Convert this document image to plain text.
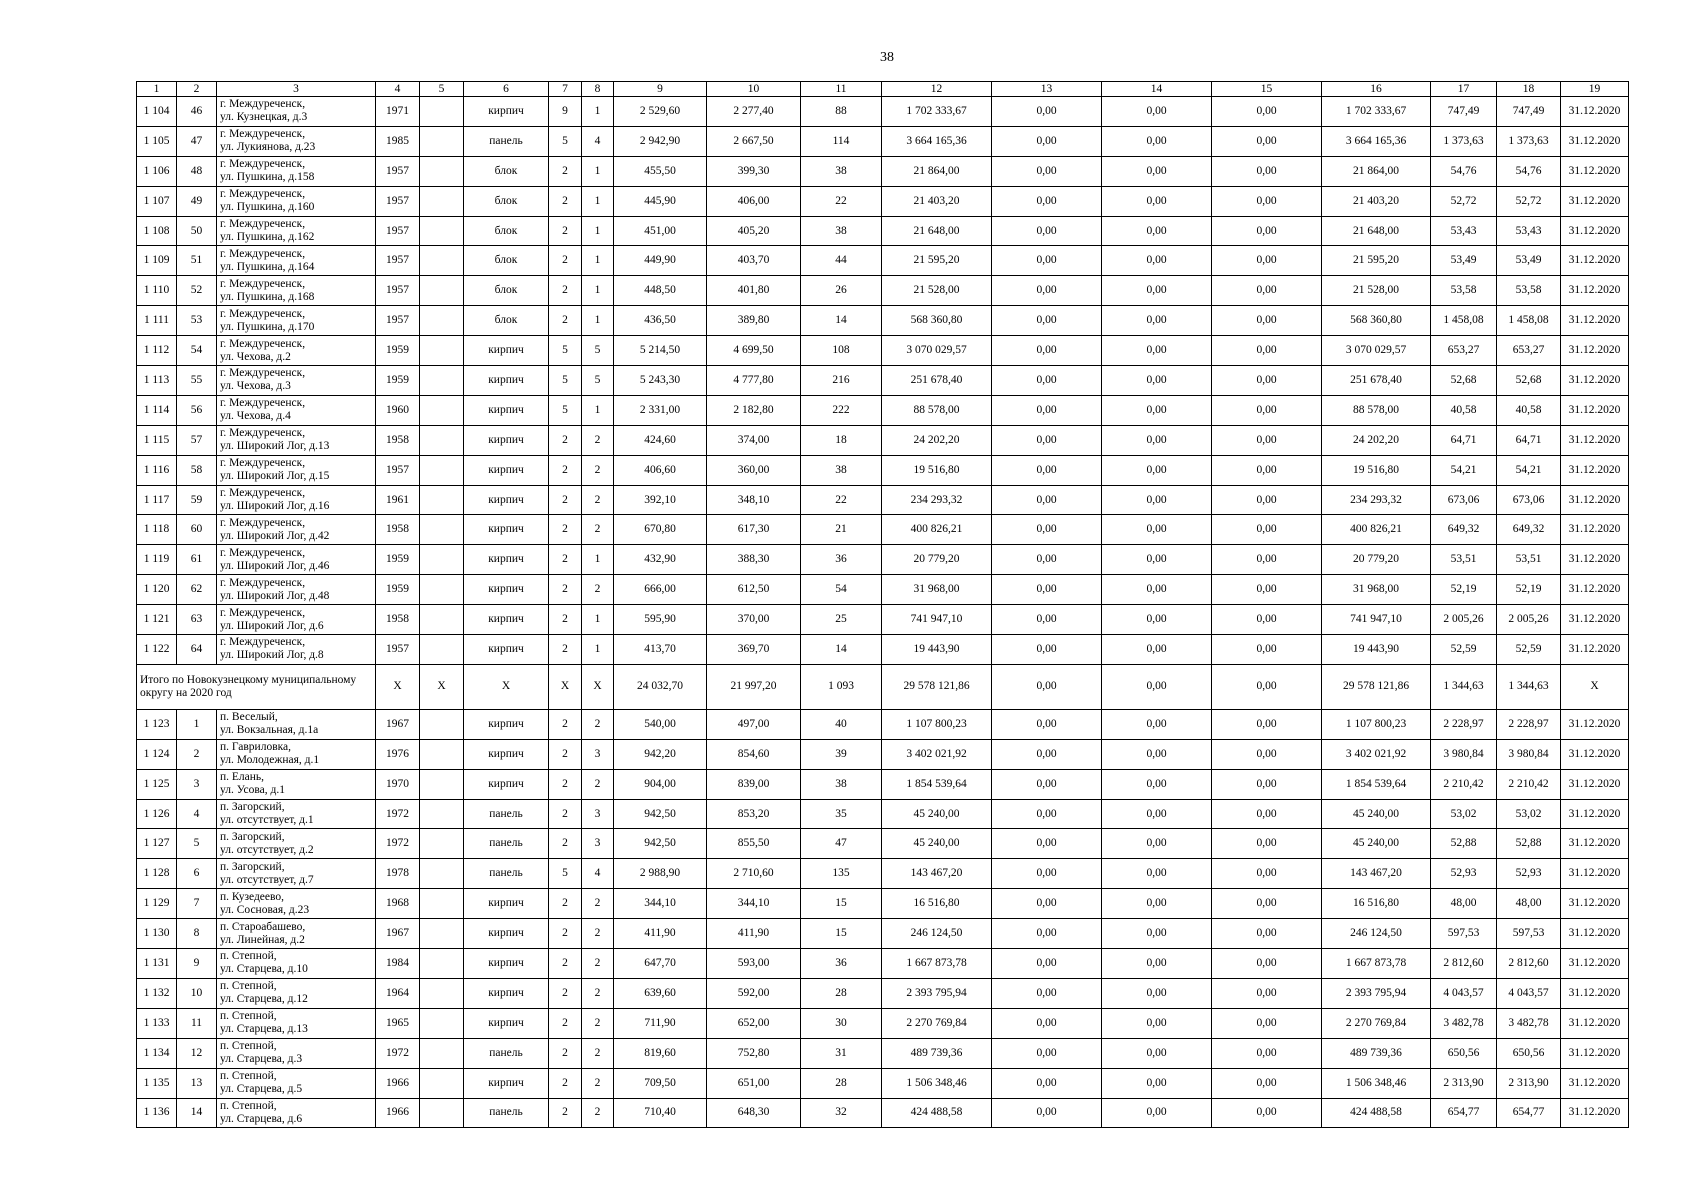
38
1	2	3	4	5	6	7	8	9	10	11	12	13	14	15	16	17	18	19
1 104	46	г. Междуреченск,
ул. Кузнецкая, д.3	1971		кирпич	9	1	2 529,60	2 277,40	88	1 702 333,67	0,00	0,00	0,00	1 702 333,67	747,49	747,49	31.12.2020
1 105	47	г. Междуреченск,
ул. Лукиянова, д.23	1985		панель	5	4	2 942,90	2 667,50	114	3 664 165,36	0,00	0,00	0,00	3 664 165,36	1 373,63	1 373,63	31.12.2020
1 106	48	г. Междуреченск,
ул. Пушкина, д.158	1957		блок	2	1	455,50	399,30	38	21 864,00	0,00	0,00	0,00	21 864,00	54,76	54,76	31.12.2020
1 107	49	г. Междуреченск,
ул. Пушкина, д.160	1957		блок	2	1	445,90	406,00	22	21 403,20	0,00	0,00	0,00	21 403,20	52,72	52,72	31.12.2020
1 108	50	г. Междуреченск,
ул. Пушкина, д.162	1957		блок	2	1	451,00	405,20	38	21 648,00	0,00	0,00	0,00	21 648,00	53,43	53,43	31.12.2020
1 109	51	г. Междуреченск,
ул. Пушкина, д.164	1957		блок	2	1	449,90	403,70	44	21 595,20	0,00	0,00	0,00	21 595,20	53,49	53,49	31.12.2020
1 110	52	г. Междуреченск,
ул. Пушкина, д.168	1957		блок	2	1	448,50	401,80	26	21 528,00	0,00	0,00	0,00	21 528,00	53,58	53,58	31.12.2020
1 111	53	г. Междуреченск,
ул. Пушкина, д.170	1957		блок	2	1	436,50	389,80	14	568 360,80	0,00	0,00	0,00	568 360,80	1 458,08	1 458,08	31.12.2020
1 112	54	г. Междуреченск,
ул. Чехова, д.2	1959		кирпич	5	5	5 214,50	4 699,50	108	3 070 029,57	0,00	0,00	0,00	3 070 029,57	653,27	653,27	31.12.2020
1 113	55	г. Междуреченск,
ул. Чехова, д.3	1959		кирпич	5	5	5 243,30	4 777,80	216	251 678,40	0,00	0,00	0,00	251 678,40	52,68	52,68	31.12.2020
1 114	56	г. Междуреченск,
ул. Чехова, д.4	1960		кирпич	5	1	2 331,00	2 182,80	222	88 578,00	0,00	0,00	0,00	88 578,00	40,58	40,58	31.12.2020
1 115	57	г. Междуреченск,
ул. Широкий Лог, д.13	1958		кирпич	2	2	424,60	374,00	18	24 202,20	0,00	0,00	0,00	24 202,20	64,71	64,71	31.12.2020
1 116	58	г. Междуреченск,
ул. Широкий Лог, д.15	1957		кирпич	2	2	406,60	360,00	38	19 516,80	0,00	0,00	0,00	19 516,80	54,21	54,21	31.12.2020
1 117	59	г. Междуреченск,
ул. Широкий Лог, д.16	1961		кирпич	2	2	392,10	348,10	22	234 293,32	0,00	0,00	0,00	234 293,32	673,06	673,06	31.12.2020
1 118	60	г. Междуреченск,
ул. Широкий Лог, д.42	1958		кирпич	2	2	670,80	617,30	21	400 826,21	0,00	0,00	0,00	400 826,21	649,32	649,32	31.12.2020
1 119	61	г. Междуреченск,
ул. Широкий Лог, д.46	1959		кирпич	2	1	432,90	388,30	36	20 779,20	0,00	0,00	0,00	20 779,20	53,51	53,51	31.12.2020
1 120	62	г. Междуреченск,
ул. Широкий Лог, д.48	1959		кирпич	2	2	666,00	612,50	54	31 968,00	0,00	0,00	0,00	31 968,00	52,19	52,19	31.12.2020
1 121	63	г. Междуреченск,
ул. Широкий Лог, д.6	1958		кирпич	2	1	595,90	370,00	25	741 947,10	0,00	0,00	0,00	741 947,10	2 005,26	2 005,26	31.12.2020
1 122	64	г. Междуреченск,
ул. Широкий Лог, д.8	1957		кирпич	2	1	413,70	369,70	14	19 443,90	0,00	0,00	0,00	19 443,90	52,59	52,59	31.12.2020
Итого по Новокузнецкому муниципальному округу на 2020 год			X	X	X	X	X	24 032,70	21 997,20	1 093	29 578 121,86	0,00	0,00	0,00	29 578 121,86	1 344,63	1 344,63	X
1 123	1	п. Веселый,
ул. Вокзальная, д.1а	1967		кирпич	2	2	540,00	497,00	40	1 107 800,23	0,00	0,00	0,00	1 107 800,23	2 228,97	2 228,97	31.12.2020
1 124	2	п. Гавриловка,
ул. Молодежная, д.1	1976		кирпич	2	3	942,20	854,60	39	3 402 021,92	0,00	0,00	0,00	3 402 021,92	3 980,84	3 980,84	31.12.2020
1 125	3	п. Елань,
ул. Усова, д.1	1970		кирпич	2	2	904,00	839,00	38	1 854 539,64	0,00	0,00	0,00	1 854 539,64	2 210,42	2 210,42	31.12.2020
1 126	4	п. Загорский,
ул. отсутствует, д.1	1972		панель	2	3	942,50	853,20	35	45 240,00	0,00	0,00	0,00	45 240,00	53,02	53,02	31.12.2020
1 127	5	п. Загорский,
ул. отсутствует, д.2	1972		панель	2	3	942,50	855,50	47	45 240,00	0,00	0,00	0,00	45 240,00	52,88	52,88	31.12.2020
1 128	6	п. Загорский,
ул. отсутствует, д.7	1978		панель	5	4	2 988,90	2 710,60	135	143 467,20	0,00	0,00	0,00	143 467,20	52,93	52,93	31.12.2020
1 129	7	п. Кузедеево,
ул. Сосновая, д.23	1968		кирпич	2	2	344,10	344,10	15	16 516,80	0,00	0,00	0,00	16 516,80	48,00	48,00	31.12.2020
1 130	8	п. Староабашево,
ул. Линейная, д.2	1967		кирпич	2	2	411,90	411,90	15	246 124,50	0,00	0,00	0,00	246 124,50	597,53	597,53	31.12.2020
1 131	9	п. Степной,
ул. Старцева, д.10	1984		кирпич	2	2	647,70	593,00	36	1 667 873,78	0,00	0,00	0,00	1 667 873,78	2 812,60	2 812,60	31.12.2020
1 132	10	п. Степной,
ул. Старцева, д.12	1964		кирпич	2	2	639,60	592,00	28	2 393 795,94	0,00	0,00	0,00	2 393 795,94	4 043,57	4 043,57	31.12.2020
1 133	11	п. Степной,
ул. Старцева, д.13	1965		кирпич	2	2	711,90	652,00	30	2 270 769,84	0,00	0,00	0,00	2 270 769,84	3 482,78	3 482,78	31.12.2020
1 134	12	п. Степной,
ул. Старцева, д.3	1972		панель	2	2	819,60	752,80	31	489 739,36	0,00	0,00	0,00	489 739,36	650,56	650,56	31.12.2020
1 135	13	п. Степной,
ул. Старцева, д.5	1966		кирпич	2	2	709,50	651,00	28	1 506 348,46	0,00	0,00	0,00	1 506 348,46	2 313,90	2 313,90	31.12.2020
1 136	14	п. Степной,
ул. Старцева, д.6	1966		панель	2	2	710,40	648,30	32	424 488,58	0,00	0,00	0,00	424 488,58	654,77	654,77	31.12.2020
